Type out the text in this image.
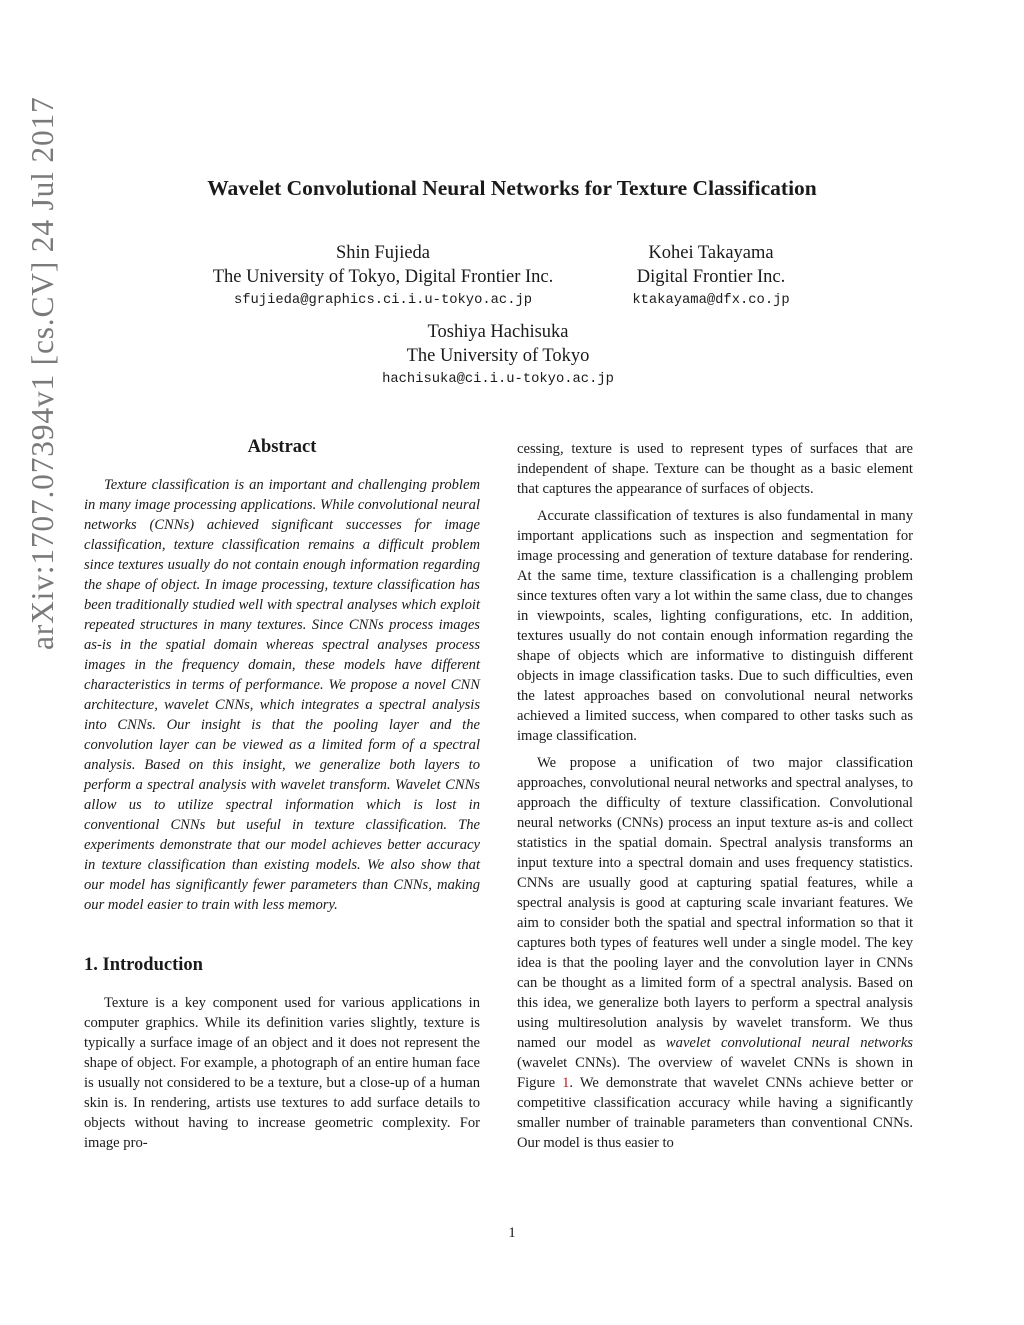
arXiv:1707.07394v1 [cs.CV] 24 Jul 2017	Wavelet Convolutional Neural Networks for Texture Classification
Shin Fujieda
The University of Tokyo, Digital Frontier Inc.
sfujieda@graphics.ci.i.u-tokyo.ac.jp
Kohei Takayama
Digital Frontier Inc.
ktakayama@dfx.co.jp
Toshiya Hachisuka
The University of Tokyo
hachisuka@ci.i.u-tokyo.ac.jp
Abstract

Texture classification is an important and challenging problem in many image processing applications. While convolutional neural networks (CNNs) achieved significant successes for image classification, texture classification remains a difficult problem since textures usually do not contain enough information regarding the shape of object. In image processing, texture classification has been traditionally studied well with spectral analyses which exploit repeated structures in many textures. Since CNNs process images as-is in the spatial domain whereas spectral analyses process images in the frequency domain, these models have different characteristics in terms of performance. We propose a novel CNN architecture, wavelet CNNs, which integrates a spectral analysis into CNNs. Our insight is that the pooling layer and the convolution layer can be viewed as a limited form of a spectral analysis. Based on this insight, we generalize both layers to perform a spectral analysis with wavelet transform. Wavelet CNNs allow us to utilize spectral information which is lost in conventional CNNs but useful in texture classification. The experiments demonstrate that our model achieves better accuracy in texture classification than existing models. We also show that our model has significantly fewer parameters than CNNs, making our model easier to train with less memory.

1. Introduction

Texture is a key component used for various applications in computer graphics. While its definition varies slightly, texture is typically a surface image of an object and it does not represent the shape of object. For example, a photograph of an entire human face is usually not considered to be a texture, but a close-up of a human skin is. In rendering, artists use textures to add surface details to objects without having to increase geometric complexity. For image pro-

cessing, texture is used to represent types of surfaces that are independent of shape. Texture can be thought as a basic element that captures the appearance of surfaces of objects.

Accurate classification of textures is also fundamental in many important applications such as inspection and segmentation for image processing and generation of texture database for rendering. At the same time, texture classification is a challenging problem since textures often vary a lot within the same class, due to changes in viewpoints, scales, lighting configurations, etc. In addition, textures usually do not contain enough information regarding the shape of objects which are informative to distinguish different objects in image classification tasks. Due to such difficulties, even the latest approaches based on convolutional neural networks achieved a limited success, when compared to other tasks such as image classification.

We propose a unification of two major classification approaches, convolutional neural networks and spectral analyses, to approach the difficulty of texture classification. Convolutional neural networks (CNNs) process an input texture as-is and collect statistics in the spatial domain. Spectral analysis transforms an input texture into a spectral domain and uses frequency statistics. CNNs are usually good at capturing spatial features, while a spectral analysis is good at capturing scale invariant features. We aim to consider both the spatial and spectral information so that it captures both types of features well under a single model. The key idea is that the pooling layer and the convolution layer in CNNs can be thought as a limited form of a spectral analysis. Based on this idea, we generalize both layers to perform a spectral analysis using multiresolution analysis by wavelet transform. We thus named our model as wavelet convolutional neural networks (wavelet CNNs). The overview of wavelet CNNs is shown in Figure 1. We demonstrate that wavelet CNNs achieve better or competitive classification accuracy while having a significantly smaller number of trainable parameters than conventional CNNs. Our model is thus easier to

1
